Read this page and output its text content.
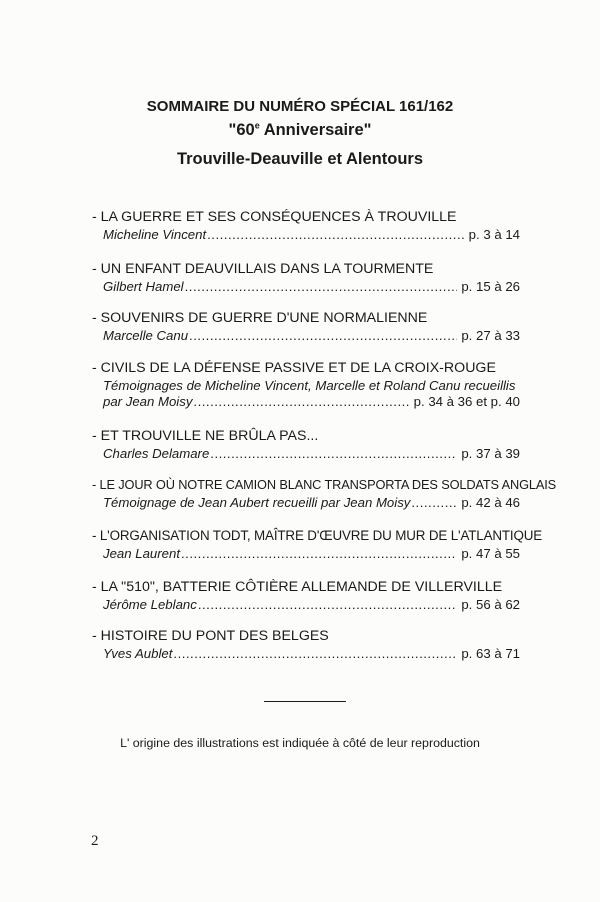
SOMMAIRE DU NUMÉRO SPÉCIAL 161/162
"60e Anniversaire"
Trouville-Deauville et Alentours
- LA GUERRE ET SES CONSÉQUENCES À TROUVILLE
Micheline Vincent .....	p. 3 à 14
- UN ENFANT DEAUVILLAIS DANS LA TOURMENTE
Gilbert Hamel .....	p. 15 à 26
- SOUVENIRS DE GUERRE D'UNE NORMALIENNE
Marcelle Canu .....	p. 27 à 33
- CIVILS DE LA DÉFENSE PASSIVE ET DE LA CROIX-ROUGE
Témoignages de Micheline Vincent, Marcelle et Roland Canu recueillis
par Jean Moisy .....	p. 34 à 36 et p. 40
- ET TROUVILLE NE BRÛLA PAS...
Charles Delamare .....	p. 37 à 39
- LE JOUR OÙ NOTRE CAMION BLANC TRANSPORTA DES SOLDATS ANGLAIS
Témoignage de Jean Aubert recueilli par Jean Moisy .....	p. 42 à 46
- L'ORGANISATION TODT, MAÎTRE D'ŒUVRE DU MUR DE L'ATLANTIQUE
Jean Laurent .....	p. 47 à 55
- LA "510", BATTERIE CÔTIÈRE ALLEMANDE DE VILLERVILLE
Jérôme Leblanc .....	p. 56 à 62
- HISTOIRE DU PONT DES BELGES
Yves Aublet .....	p. 63 à 71
L' origine des illustrations est indiquée à côté de leur reproduction
2
